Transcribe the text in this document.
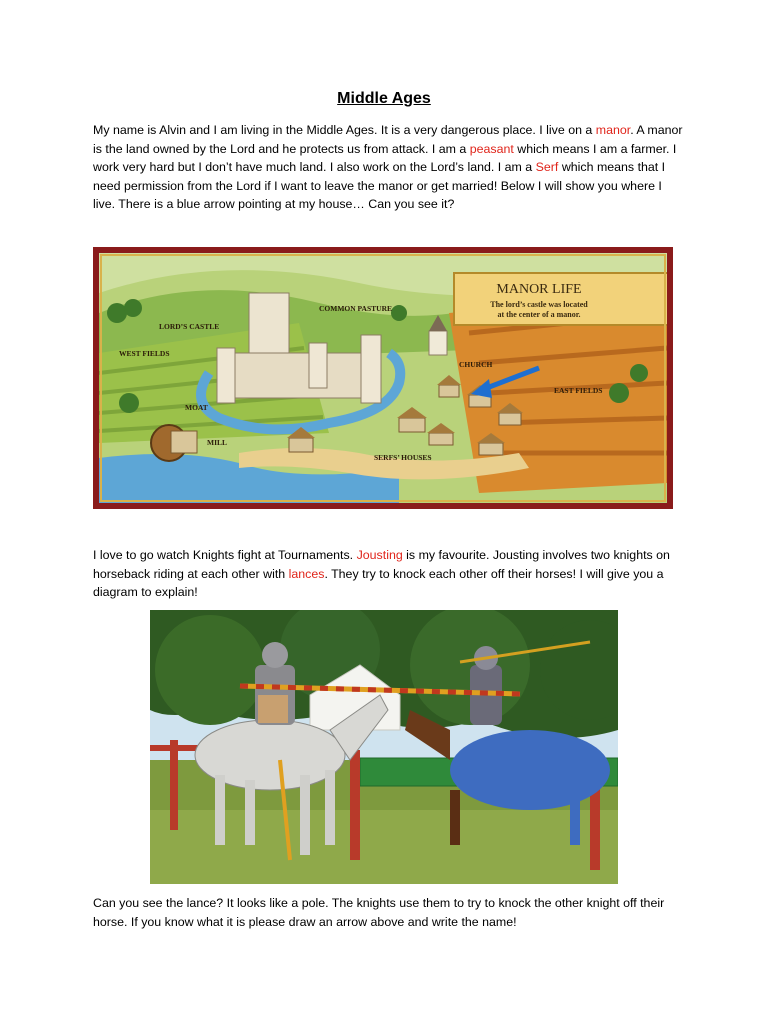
Middle Ages
My name is Alvin and I am living in the Middle Ages. It is a very dangerous place. I live on a manor. A manor is the land owned by the Lord and he protects us from attack. I am a peasant which means I am a farmer. I work very hard but I don’t have much land. I also work on the Lord’s land. I am a Serf which means that I need permission from the Lord if I want to leave the manor or get married! Below I will show you where I live. There is a blue arrow pointing at my house… Can you see it?
MANOR LIFE
The lord’s castle was located
at the center of a manor.
COMMON PASTURE
LORD’S CASTLE
WEST FIELDS
CHURCH
EAST FIELDS
MOAT
MILL
SERFS’ HOUSES
I love to go watch Knights fight at Tournaments. Jousting is my favourite. Jousting involves two knights on horseback riding at each other with lances. They try to knock each other off their horses! I will give you a diagram to explain!
Can you see the lance? It looks like a pole. The knights use them to try to knock the other knight off their horse. If you know what it is please draw an arrow above and write the name!
